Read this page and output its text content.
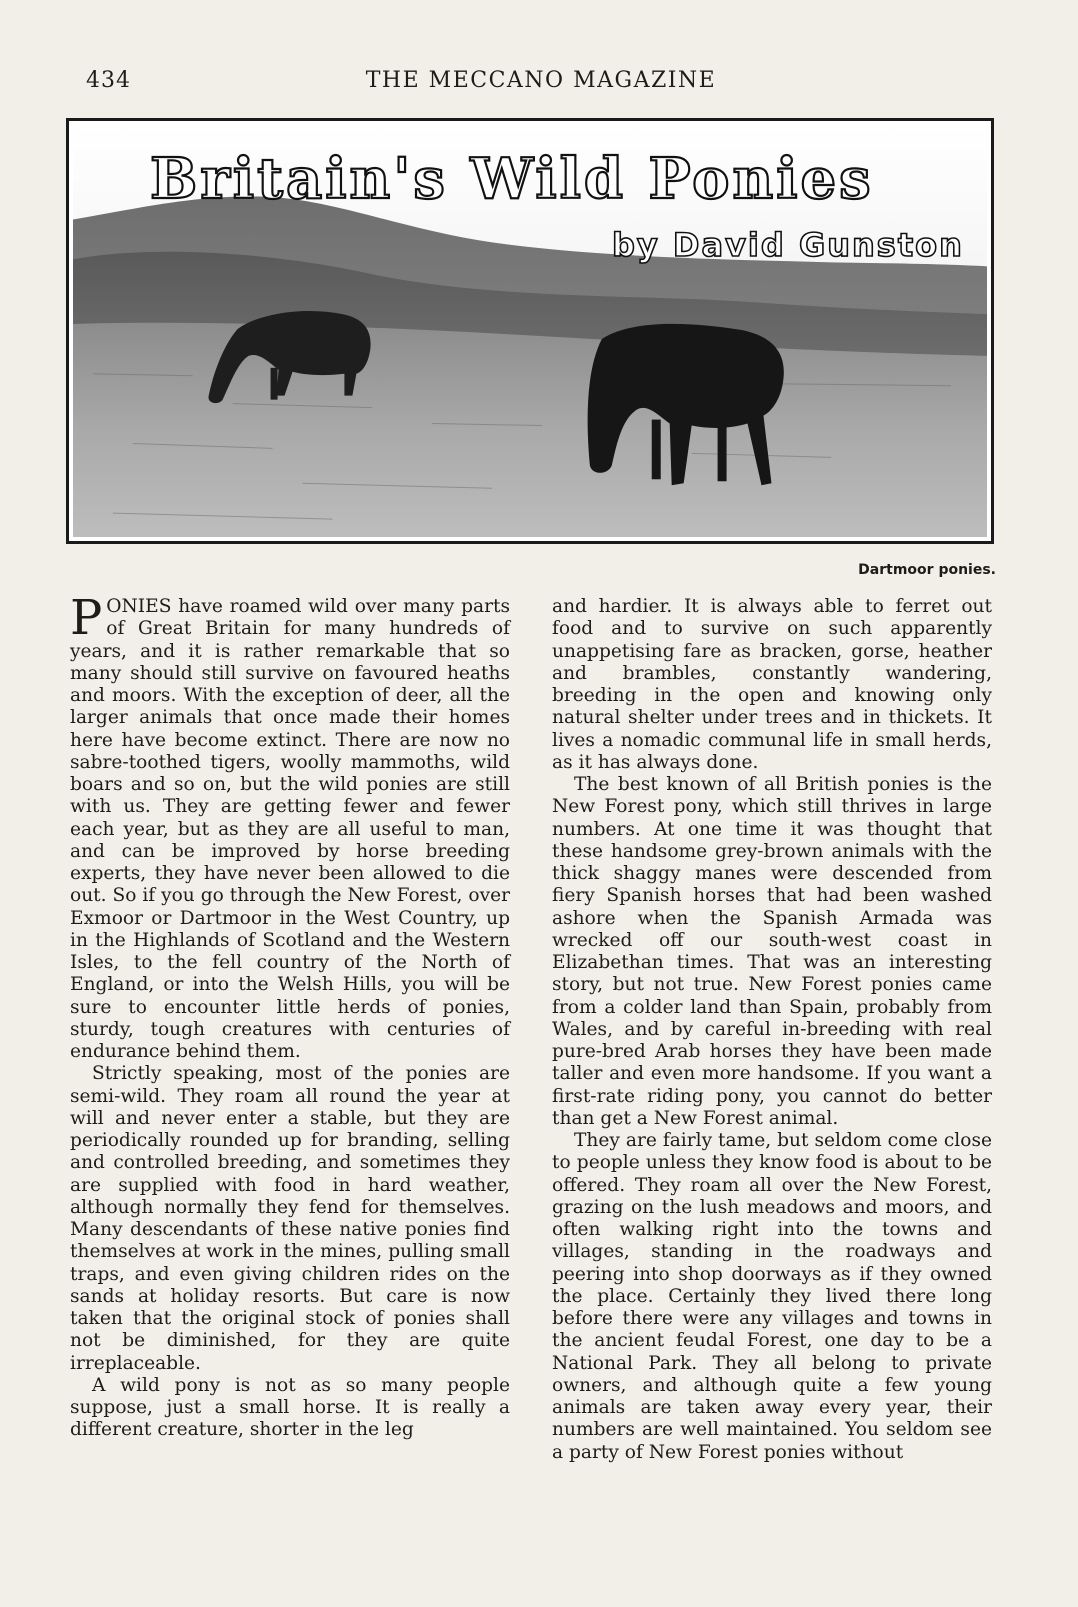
434	THE MECCANO MAGAZINE
Britain's Wild Ponies
by David Gunston
Dartmoor ponies.

PONIES have roamed wild over many parts of Great Britain for many hundreds of years, and it is rather remarkable that so many should still survive on favoured heaths and moors. With the exception of deer, all the larger animals that once made their homes here have become extinct. There are now no sabre-toothed tigers, woolly mammoths, wild boars and so on, but the wild ponies are still with us. They are getting fewer and fewer each year, but as they are all useful to man, and can be improved by horse breeding experts, they have never been allowed to die out. So if you go through the New Forest, over Exmoor or Dartmoor in the West Country, up in the Highlands of Scotland and the Western Isles, to the fell country of the North of England, or into the Welsh Hills, you will be sure to encounter little herds of ponies, sturdy, tough creatures with centuries of endurance behind them.

Strictly speaking, most of the ponies are semi-wild. They roam all round the year at will and never enter a stable, but they are periodically rounded up for branding, selling and controlled breeding, and sometimes they are supplied with food in hard weather, although normally they fend for themselves. Many descendants of these native ponies find themselves at work in the mines, pulling small traps, and even giving children rides on the sands at holiday resorts. But care is now taken that the original stock of ponies shall not be diminished, for they are quite irreplaceable.

A wild pony is not as so many people suppose, just a small horse. It is really a different creature, shorter in the leg

and hardier. It is always able to ferret out food and to survive on such apparently unappetising fare as bracken, gorse, heather and brambles, constantly wandering, breeding in the open and knowing only natural shelter under trees and in thickets. It lives a nomadic communal life in small herds, as it has always done.

The best known of all British ponies is the New Forest pony, which still thrives in large numbers. At one time it was thought that these handsome grey-brown animals with the thick shaggy manes were descended from fiery Spanish horses that had been washed ashore when the Spanish Armada was wrecked off our south-west coast in Elizabethan times. That was an interesting story, but not true. New Forest ponies came from a colder land than Spain, probably from Wales, and by careful in-breeding with real pure-bred Arab horses they have been made taller and even more handsome. If you want a first-rate riding pony, you cannot do better than get a New Forest animal.

They are fairly tame, but seldom come close to people unless they know food is about to be offered. They roam all over the New Forest, grazing on the lush meadows and moors, and often walking right into the towns and villages, standing in the roadways and peering into shop doorways as if they owned the place. Certainly they lived there long before there were any villages and towns in the ancient feudal Forest, one day to be a National Park. They all belong to private owners, and although quite a few young animals are taken away every year, their numbers are well maintained. You seldom see a party of New Forest ponies without
